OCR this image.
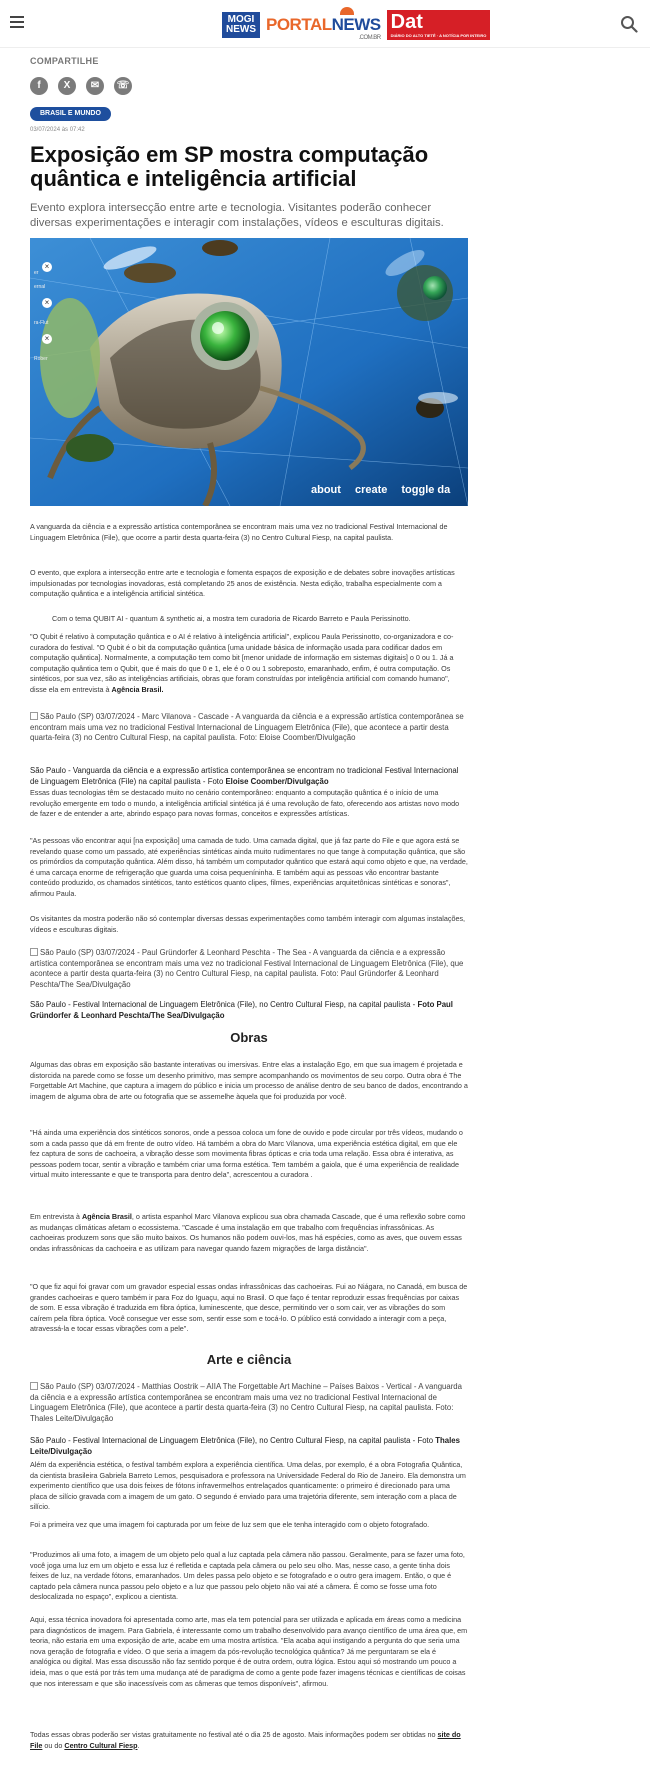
MOGI NEWS PORTALNEWS
.COM.BR
Dat
DIÁRIO DO ALTO TIETÊ · A NOTÍCIA POR INTEIRO
COMPARTILHE
f	X	✉	☏
BRASIL E MUNDO
03/07/2024 às 07:42
Exposição em SP mostra computação quântica e inteligência artificial

Evento explora intersecção entre arte e tecnologia. Visitantes poderão conhecer diversas experimentações e interagir com instalações, vídeos e esculturas digitais.

×
×
×
er
ernal
ra-Flut
Rober
about create toggle da

A vanguarda da ciência e a expressão artística contemporânea se encontram mais uma vez no tradicional Festival Internacional de Linguagem Eletrônica (File), que ocorre a partir desta quarta-feira (3) no Centro Cultural Fiesp, na capital paulista.

O evento, que explora a intersecção entre arte e tecnologia e fomenta espaços de exposição e de debates sobre inovações artísticas impulsionadas por tecnologias inovadoras, está completando 25 anos de existência. Nesta edição, trabalha especialmente com a computação quântica e a inteligência artificial sintética.

Com o tema QUBIT AI - quantum & synthetic ai, a mostra tem curadoria de Ricardo Barreto e Paula Perissinotto.

"O Qubit é relativo à computação quântica e o AI é relativo à inteligência artificial", explicou Paula Perissinotto, co-organizadora e co-curadora do festival. "O Qubit é o bit da computação quântica [uma unidade básica de informação usada para codificar dados em computação quântica]. Normalmente, a computação tem como bit [menor unidade de informação em sistemas digitais] o 0 ou 1. Já a computação quântica tem o Qubit, que é mais do que 0 e 1, ele é o 0 ou 1 sobreposto, emaranhado, enfim, é outra computação. Os sintéticos, por sua vez, são as inteligências artificiais, obras que foram construídas por inteligência artificial com comando humano", disse ela em entrevista à Agência Brasil.

São Paulo (SP) 03/07/2024 - Marc Vilanova - Cascade - A vanguarda da ciência e a expressão artística contemporânea se encontram mais uma vez no tradicional Festival Internacional de Linguagem Eletrônica (File), que acontece a partir desta quarta-feira (3) no Centro Cultural Fiesp, na capital paulista. Foto: Eloise Coomber/Divulgação

São Paulo - Vanguarda da ciência e a expressão artística contemporânea se encontram no tradicional Festival Internacional de Linguagem Eletrônica (File) na capital paulista - Foto Eloise Coomber/Divulgação

Essas duas tecnologias têm se destacado muito no cenário contemporâneo: enquanto a computação quântica é o início de uma revolução emergente em todo o mundo, a inteligência artificial sintética já é uma revolução de fato, oferecendo aos artistas novo modo de fazer e de entender a arte, abrindo espaço para novas formas, conceitos e expressões artísticas.

"As pessoas vão encontrar aqui [na exposição] uma camada de tudo. Uma camada digital, que já faz parte do File e que agora está se revelando quase como um passado, até experiências sintéticas ainda muito rudimentares no que tange à computação quântica, que são os primórdios da computação quântica. Além disso, há também um computador quântico que estará aqui como objeto e que, na verdade, é uma carcaça enorme de refrigeração que guarda uma coisa pequeníninha. E também aqui as pessoas vão encontrar bastante conteúdo produzido, os chamados sintéticos, tanto estéticos quanto clipes, filmes, experiências arquitetônicas sintéticas e sonoras", afirmou Paula.

Os visitantes da mostra poderão não só contemplar diversas dessas experimentações como também interagir com algumas instalações, vídeos e esculturas digitais.

São Paulo (SP) 03/07/2024 - Paul Gründorfer & Leonhard Peschta - The Sea - A vanguarda da ciência e a expressão artística contemporânea se encontram mais uma vez no tradicional Festival Internacional de Linguagem Eletrônica (File), que acontece a partir desta quarta-feira (3) no Centro Cultural Fiesp, na capital paulista. Foto: Paul Gründorfer & Leonhard Peschta/The Sea/Divulgação

São Paulo - Festival Internacional de Linguagem Eletrônica (File), no Centro Cultural Fiesp, na capital paulista - Foto Paul Gründorfer & Leonhard Peschta/The Sea/Divulgação

Obras

Algumas das obras em exposição são bastante interativas ou imersivas. Entre elas a instalação Ego, em que sua imagem é projetada e distorcida na parede como se fosse um desenho primitivo, mas sempre acompanhando os movimentos de seu corpo. Outra obra é The Forgettable Art Machine, que captura a imagem do público e inicia um processo de análise dentro de seu banco de dados, encontrando a imagem de alguma obra de arte ou fotografia que se assemelhe àquela que foi produzida por você.

"Há ainda uma experiência dos sintéticos sonoros, onde a pessoa coloca um fone de ouvido e pode circular por três vídeos, mudando o som a cada passo que dá em frente de outro vídeo. Há também a obra do Marc Vilanova, uma experiência estética digital, em que ele fez captura de sons de cachoeira, a vibração desse som movimenta fibras ópticas e cria toda uma relação. Essa obra é interativa, as pessoas podem tocar, sentir a vibração e também criar uma forma estética. Tem também a gaiola, que é uma experiência de realidade virtual muito interessante e que te transporta para dentro dela", acrescentou a curadora .

Em entrevista à Agência Brasil, o artista espanhol Marc Vilanova explicou sua obra chamada Cascade, que é uma reflexão sobre como as mudanças climáticas afetam o ecossistema. "Cascade é uma instalação em que trabalho com frequências infrassônicas. As cachoeiras produzem sons que são muito baixos. Os humanos não podem ouvi-los, mas há espécies, como as aves, que ouvem essas ondas infrassônicas da cachoeira e as utilizam para navegar quando fazem migrações de larga distância".

"O que fiz aqui foi gravar com um gravador especial essas ondas infrassônicas das cachoeiras. Fui ao Niágara, no Canadá, em busca de grandes cachoeiras e quero também ir para Foz do Iguaçu, aqui no Brasil. O que faço é tentar reproduzir essas frequências por caixas de som. E essa vibração é traduzida em fibra óptica, luminescente, que desce, permitindo ver o som cair, ver as vibrações do som caírem pela fibra óptica. Você consegue ver esse som, sentir esse som e tocá-lo. O público está convidado a interagir com a peça, atravessá-la e tocar essas vibrações com a pele".

Arte e ciência

São Paulo (SP) 03/07/2024 - Matthias Oostrik – AIIA The Forgettable Art Machine – Países Baixos - Vertical - A vanguarda da ciência e a expressão artística contemporânea se encontram mais uma vez no tradicional Festival Internacional de Linguagem Eletrônica (File), que acontece a partir desta quarta-feira (3) no Centro Cultural Fiesp, na capital paulista. Foto: Thales Leite/Divulgação

São Paulo - Festival Internacional de Linguagem Eletrônica (File), no Centro Cultural Fiesp, na capital paulista - Foto Thales Leite/Divulgação

Além da experiência estética, o festival também explora a experiência científica. Uma delas, por exemplo, é a obra Fotografia Quântica, da cientista brasileira Gabriela Barreto Lemos, pesquisadora e professora na Universidade Federal do Rio de Janeiro. Ela demonstra um experimento científico que usa dois feixes de fótons infravermelhos entrelaçados quanticamente: o primeiro é direcionado para uma placa de silício gravada com a imagem de um gato. O segundo é enviado para uma trajetória diferente, sem interação com a placa de silício.

Foi a primeira vez que uma imagem foi capturada por um feixe de luz sem que ele tenha interagido com o objeto fotografado.

"Produzimos ali uma foto, a imagem de um objeto pelo qual a luz captada pela câmera não passou. Geralmente, para se fazer uma foto, você joga uma luz em um objeto e essa luz é refletida e captada pela câmera ou pelo seu olho. Mas, nesse caso, a gente tinha dois feixes de luz, na verdade fótons, emaranhados. Um deles passa pelo objeto e se fotografado e o outro gera imagem. Então, o que é captado pela câmera nunca passou pelo objeto e a luz que passou pelo objeto não vai até a câmera. É como se fosse uma foto deslocalizada no espaço", explicou a cientista.

Aqui, essa técnica inovadora foi apresentada como arte, mas ela tem potencial para ser utilizada e aplicada em áreas como a medicina para diagnósticos de imagem. Para Gabriela, é interessante como um trabalho desenvolvido para avanço científico de uma área que, em teoria, não estaria em uma exposição de arte, acabe em uma mostra artística. "Ela acaba aqui instigando a pergunta do que seria uma nova geração de fotografia e vídeo. O que seria a imagem da pós-revolução tecnológica quântica? Já me perguntaram se ela é analógica ou digital. Mas essa discussão não faz sentido porque é de outra ordem, outra lógica. Estou aqui só mostrando um pouco a ideia, mas o que está por trás tem uma mudança até de paradigma de como a gente pode fazer imagens técnicas e científicas de coisas que nos interessam e que são inacessíveis com as câmeras que temos disponíveis", afirmou.

Todas essas obras poderão ser vistas gratuitamente no festival até o dia 25 de agosto. Mais informações podem ser obtidas no site do File ou do Centro Cultural Fiesp.
